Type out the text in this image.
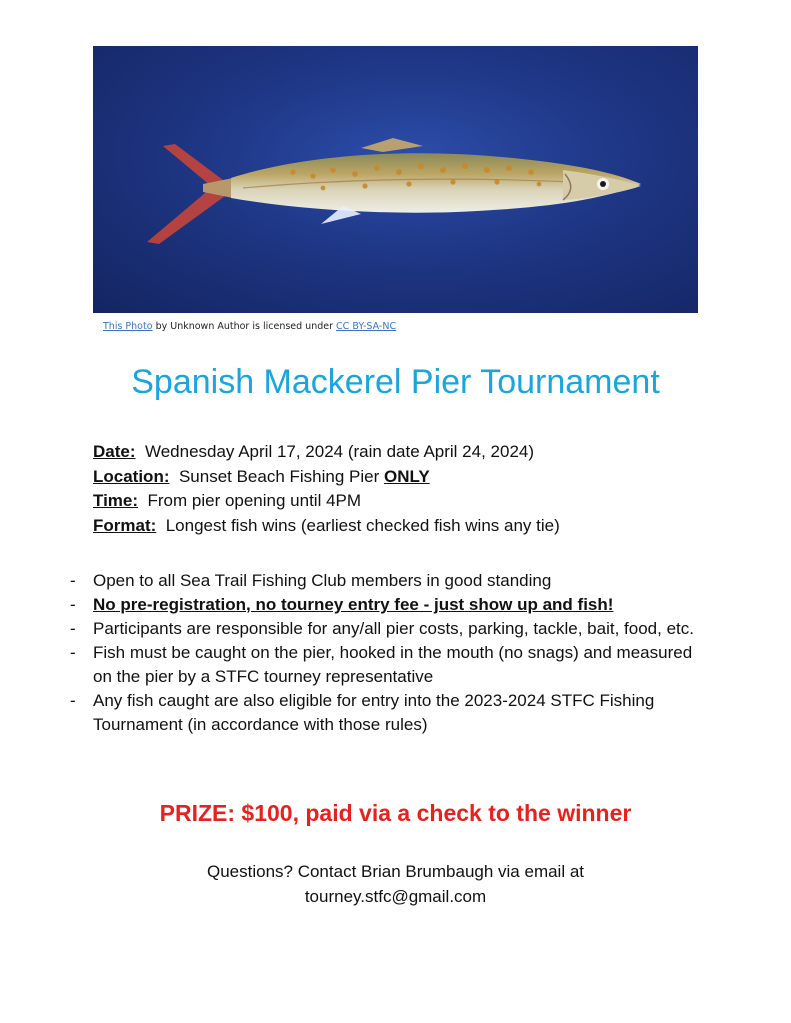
This Photo by Unknown Author is licensed under CC BY-SA-NC
Spanish Mackerel Pier Tournament
Date:  Wednesday April 17, 2024 (rain date April 24, 2024)
Location:  Sunset Beach Fishing Pier ONLY
Time:  From pier opening until 4PM
Format:  Longest fish wins (earliest checked fish wins any tie)
- Open to all Sea Trail Fishing Club members in good standing
- No pre-registration, no tourney entry fee - just show up and fish!
- Participants are responsible for any/all pier costs, parking, tackle, bait, food, etc.
- Fish must be caught on the pier, hooked in the mouth (no snags) and measured on the pier by a STFC tourney representative
- Any fish caught are also eligible for entry into the 2023-2024 STFC Fishing Tournament (in accordance with those rules)
PRIZE: $100, paid via a check to the winner
Questions? Contact Brian Brumbaugh via email at
tourney.stfc@gmail.com
